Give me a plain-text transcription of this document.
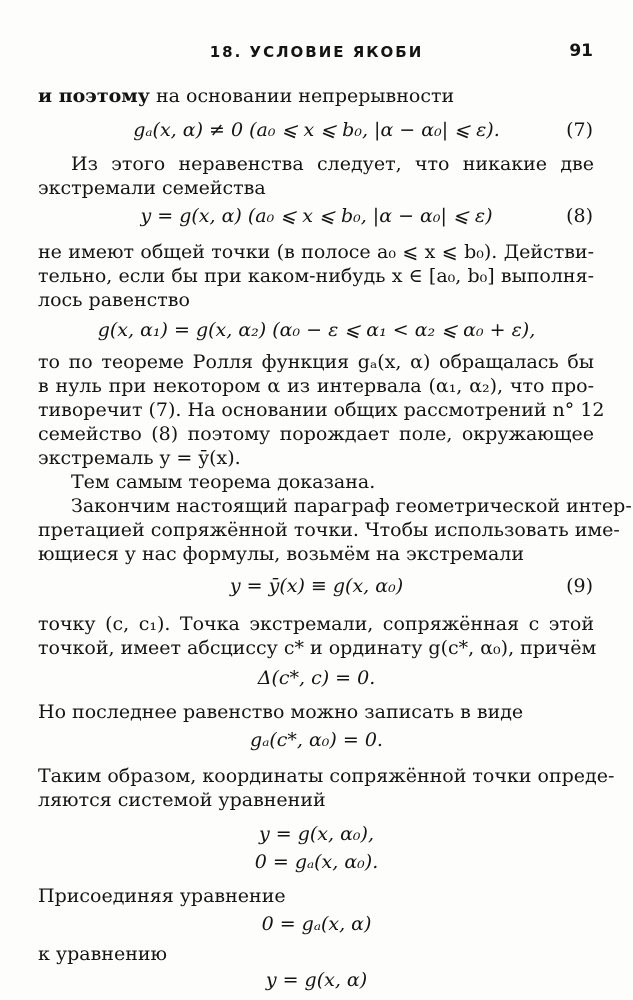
18. УСЛОВИЕ ЯКОБИ	91
и поэтому на основании непрерывности
gₐ(x, α) ≠ 0 (a₀ ⩽ x ⩽ b₀, |α − α₀| ⩽ ε).	(7)
Из этого неравенства следует, что никакие две
экстремали семейства
y = g(x, α) (a₀ ⩽ x ⩽ b₀, |α − α₀| ⩽ ε)	(8)
не имеют общей точки (в полосе a₀ ⩽ x ⩽ b₀). Действи-
тельно, если бы при каком-нибудь x ∈ [a₀, b₀] выполня-
лось равенство
g(x, α₁) = g(x, α₂) (α₀ − ε ⩽ α₁ < α₂ ⩽ α₀ + ε),
то по теореме Ролля функция gₐ(x, α) обращалась бы
в нуль при некотором α из интервала (α₁, α₂), что про-
тиворечит (7). На основании общих рассмотрений n° 12
семейство (8) поэтому порождает поле, окружающее
экстремаль y = ȳ(x).
Тем самым теорема доказана.
Закончим настоящий параграф геометрической интер-
претацией сопряжённой точки. Чтобы использовать име-
ющиеся у нас формулы, возьмём на экстремали
y = ȳ(x) ≡ g(x, α₀)	(9)
точку (c, c₁). Точка экстремали, сопряжённая с этой
точкой, имеет абсциссу c* и ординату g(c*, α₀), причём
Δ(c*, c) = 0.
Но последнее равенство можно записать в виде
gₐ(c*, α₀) = 0.
Таким образом, координаты сопряжённой точки опреде-
ляются системой уравнений
y = g(x, α₀),
0 = gₐ(x, α₀).
Присоединяя уравнение
0 = gₐ(x, α)
к уравнению
y = g(x, α)
